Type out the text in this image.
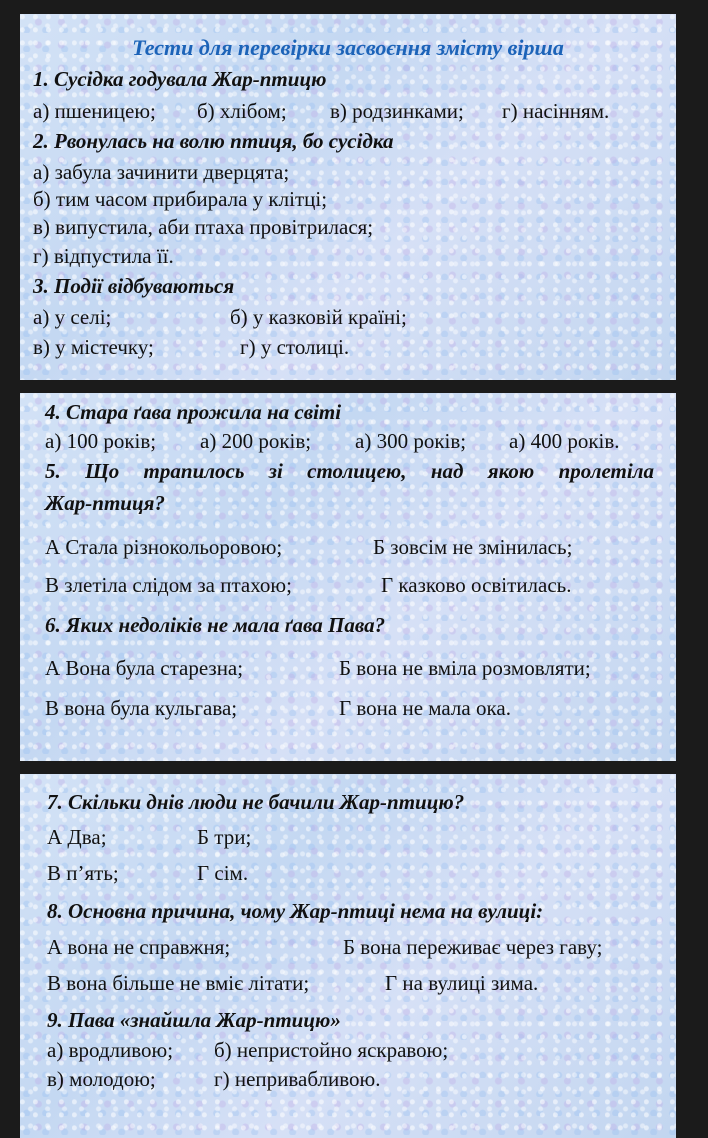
Тести для перевірки засвоєння змісту вірша
1. Сусідка годувала Жар-птицю
а) пшеницею; б) хлібом; в) родзинками; г) насінням.
2. Рвонулась на волю птиця, бо сусідка
а) забула зачинити дверцята;
б) тим часом прибирала у клітці;
в) випустила, аби птаха провітрилася;
г) відпустила її.
3. Події відбуваються
а) у селі;	б) у казковій країні;
в) у містечку;	г) у столиці.
4. Стара ґава прожила на світі
а) 100 років; а) 200 років; а) 300 років; а) 400 років.
5. Що трапилось зі столицею, над якою пролетіла
Жар-птиця?
А Стала різнокольоровою;	Б зовсім не змінилась;
В злетіла слідом за птахою;	Г казково освітилась.
6. Яких недоліків не мала ґава Пава?
А Вона була старезна;	Б вона не вміла розмовляти;
В вона була кульгава;	Г вона не мала ока.
7. Скільки днів люди не бачили Жар-птицю?
А Два;	Б три;
В п’ять;	Г сім.
8. Основна причина, чому Жар-птиці нема на вулиці:
А вона не справжня;	Б вона переживає через гаву;
В вона більше не вміє літати;	Г на вулиці зима.
9. Пава «знайшла Жар-птицю»
а) вродливою; б) непристойно яскравою;
в) молодою;	г) непривабливою.
